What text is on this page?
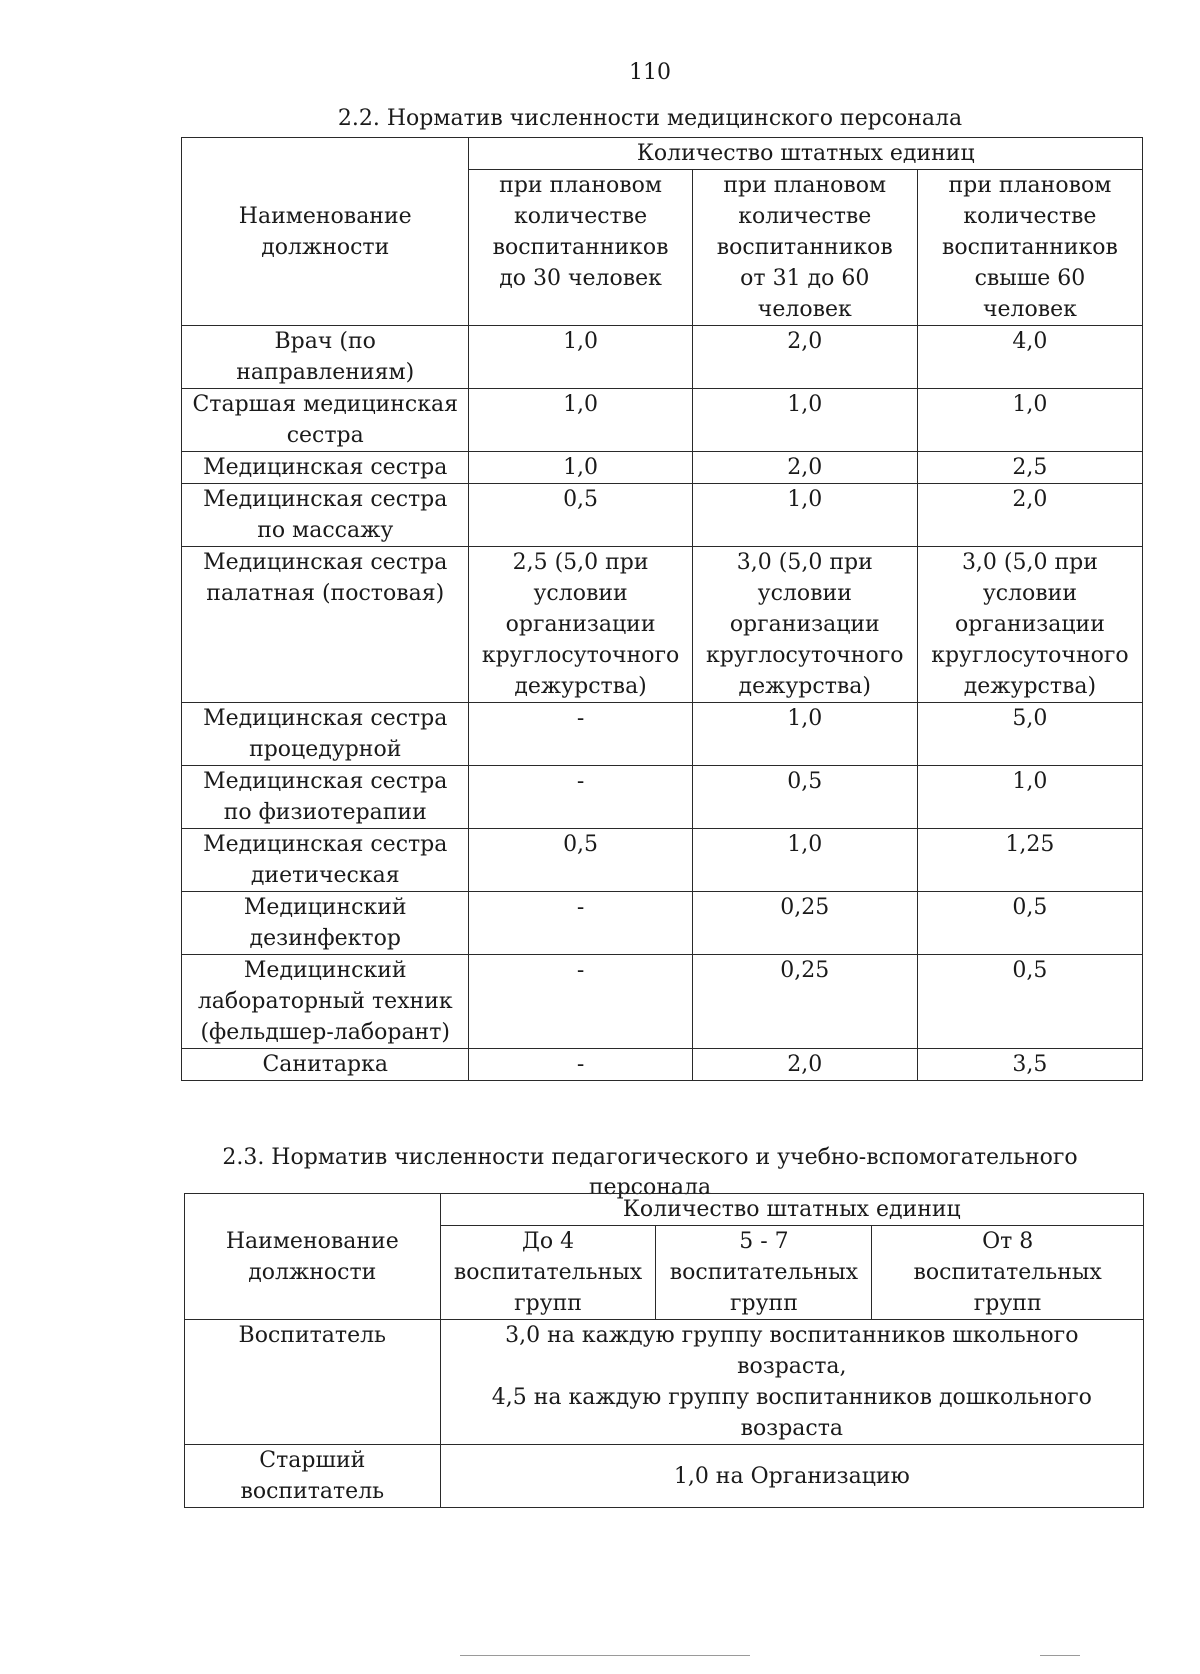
110
2.2. Норматив численности медицинского персонала
Наименование
должности	Количество штатных единиц		
	при плановом
количестве
воспитанников
до 30 человек	при плановом
количестве
воспитанников
от 31 до 60
человек	при плановом
количестве
воспитанников
свыше 60
человек
Врач (по
направлениям)	1,0	2,0	4,0
Старшая медицинская
сестра	1,0	1,0	1,0
Медицинская сестра	1,0	2,0	2,5
Медицинская сестра
по массажу	0,5	1,0	2,0
Медицинская сестра
палатная (постовая)	2,5 (5,0 при
условии
организации
круглосуточного
дежурства)	3,0 (5,0 при
условии
организации
круглосуточного
дежурства)	3,0 (5,0 при
условии
организации
круглосуточного
дежурства)
Медицинская сестра
процедурной	-	1,0	5,0
Медицинская сестра
по физиотерапии	-	0,5	1,0
Медицинская сестра
диетическая	0,5	1,0	1,25
Медицинский
дезинфектор	-	0,25	0,5
Медицинский
лабораторный техник
(фельдшер-лаборант)	-	0,25	0,5
Санитарка	-	2,0	3,5
2.3. Норматив численности педагогического и учебно-вспомогательного
персонала
Наименование
должности	Количество штатных единиц		
	До 4
воспитательных
групп	5 - 7
воспитательных
групп	От 8
воспитательных
групп
Воспитатель	3,0 на каждую группу воспитанников школьного
возраста,
4,5 на каждую группу воспитанников дошкольного
возраста		
Старший
воспитатель	1,0 на Организацию		
